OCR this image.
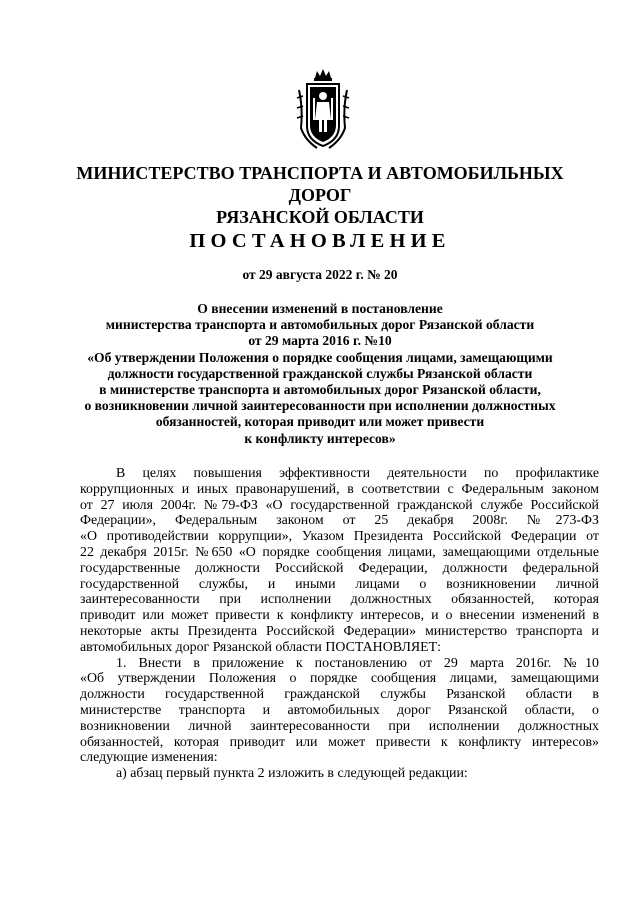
МИНИСТЕРСТВО ТРАНСПОРТА И АВТОМОБИЛЬНЫХ ДОРОГ
РЯЗАНСКОЙ ОБЛАСТИ
ПОСТАНОВЛЕНИЕ
от 29 августа 2022 г. № 20
О внесении изменений в постановление
министерства транспорта и автомобильных дорог Рязанской области
от 29 марта 2016 г. №10
«Об утверждении Положения о порядке сообщения лицами, замещающими
должности государственной гражданской службы Рязанской области
в министерстве транспорта и автомобильных дорог Рязанской области,
о возникновении личной заинтересованности при исполнении должностных
обязанностей, которая приводит или может привести
к конфликту интересов»
В целях повышения эффективности деятельности по профилактике
коррупционных и иных правонарушений, в соответствии с Федеральным законом
от 27 июля 2004г. №79-ФЗ «О государственной гражданской службе Российской
Федерации», Федеральным законом от 25 декабря 2008г. №273-ФЗ
«О противодействии коррупции», Указом Президента Российской Федерации от
22 декабря 2015г. №650 «О порядке сообщения лицами, замещающими отдельные
государственные должности Российской Федерации, должности федеральной
государственной службы, и иными лицами о возникновении личной
заинтересованности при исполнении должностных обязанностей, которая
приводит или может привести к конфликту интересов, и о внесении изменений в
некоторые акты Президента Российской Федерации» министерство транспорта и
автомобильных дорог Рязанской области ПОСТАНОВЛЯЕТ:
1. Внести в приложение к постановлению от 29 марта 2016г. №10
«Об утверждении Положения о порядке сообщения лицами, замещающими
должности государственной гражданской службы Рязанской области в
министерстве транспорта и автомобильных дорог Рязанской области, о
возникновении личной заинтересованности при исполнении должностных
обязанностей, которая приводит или может привести к конфликту интересов»
следующие изменения:
а) абзац первый пункта 2 изложить в следующей редакции:
